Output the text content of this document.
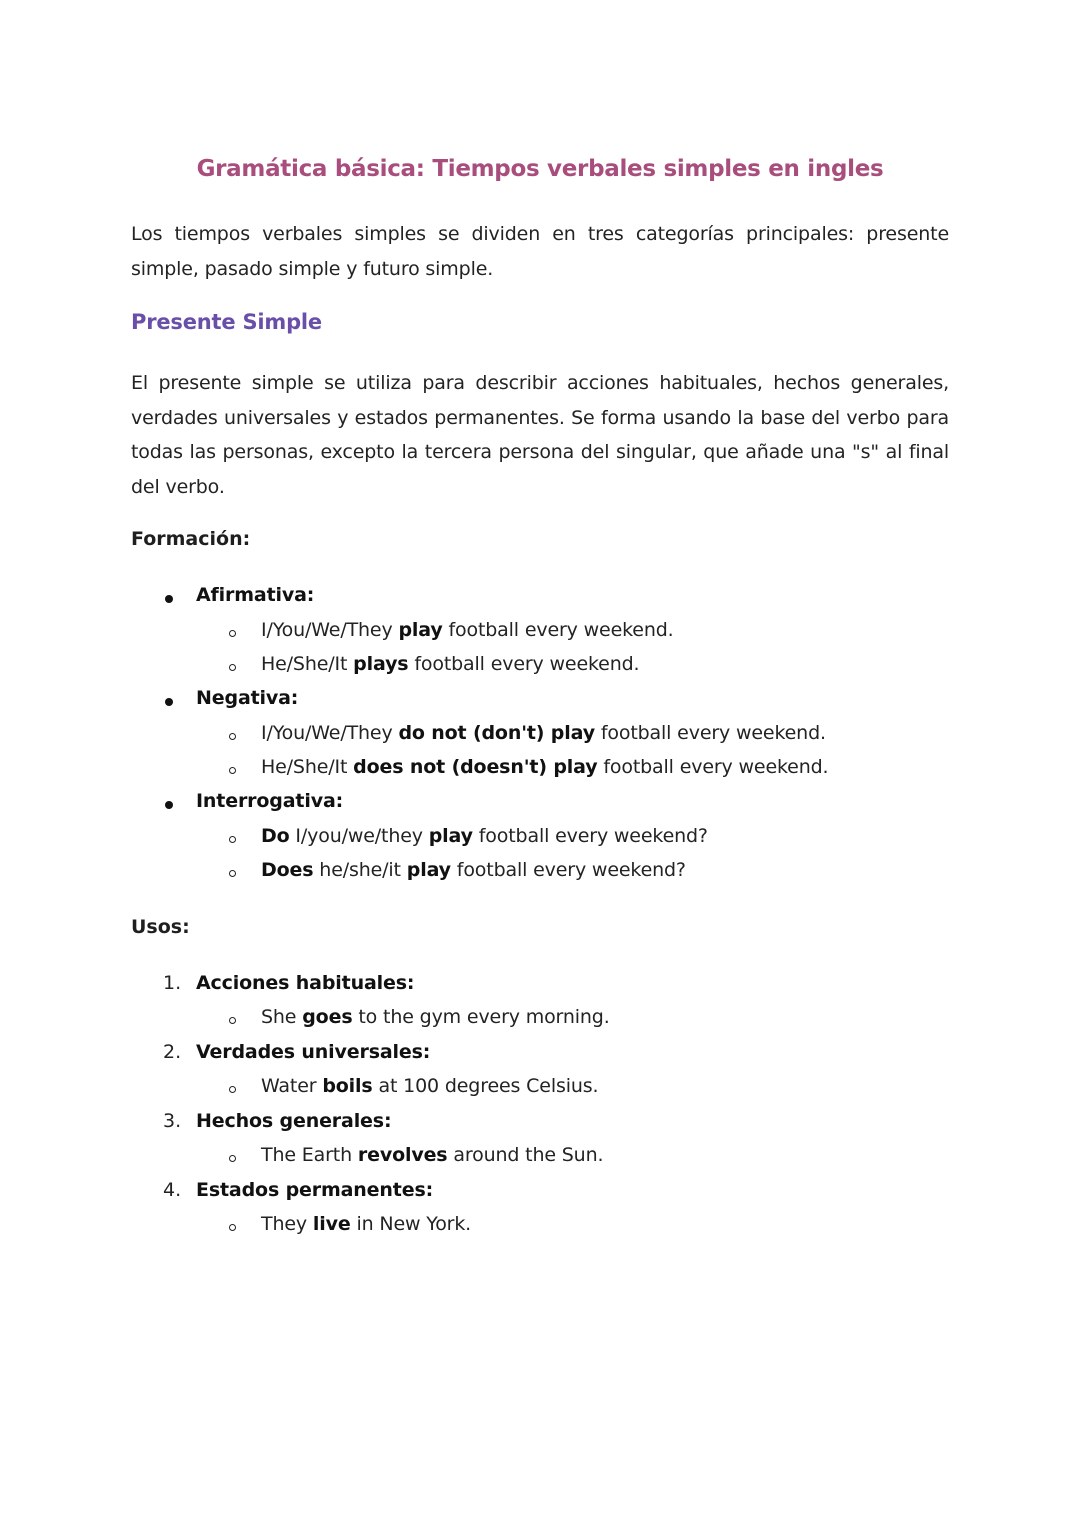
Gramática básica: Tiempos verbales simples en ingles
Los tiempos verbales simples se dividen en tres categorías principales: presente simple, pasado simple y futuro simple.
Presente Simple
El presente simple se utiliza para describir acciones habituales, hechos generales, verdades universales y estados permanentes. Se forma usando la base del verbo para todas las personas, excepto la tercera persona del singular, que añade una "s" al final del verbo.
Formación:
Afirmativa:
I/You/We/They play football every weekend.
He/She/It plays football every weekend.
Negativa:
I/You/We/They do not (don't) play football every weekend.
He/She/It does not (doesn't) play football every weekend.
Interrogativa:
Do I/you/we/they play football every weekend?
Does he/she/it play football every weekend?
Usos:
1. Acciones habituales:
She goes to the gym every morning.
2. Verdades universales:
Water boils at 100 degrees Celsius.
3. Hechos generales:
The Earth revolves around the Sun.
4. Estados permanentes:
They live in New York.
